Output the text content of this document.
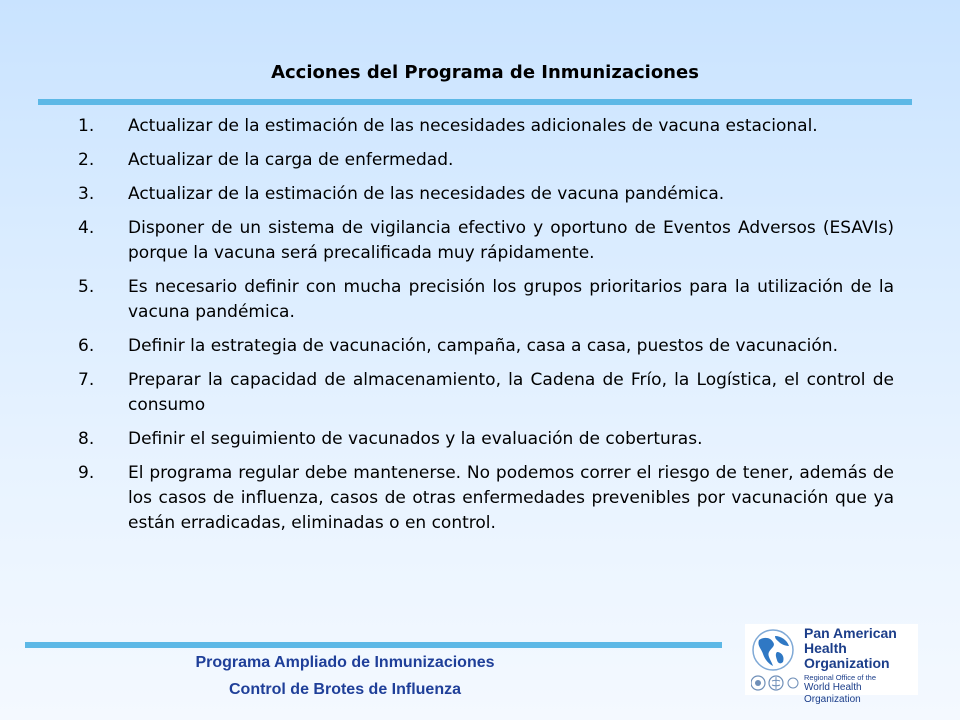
Acciones del Programa de Inmunizaciones
1.	Actualizar de la estimación de las necesidades adicionales de vacuna estacional.
2.	Actualizar de la carga de enfermedad.
3.	Actualizar de la estimación de las necesidades de vacuna pandémica.
4.	Disponer de un sistema de vigilancia efectivo y oportuno de Eventos Adversos (ESAVIs) porque la vacuna será precalificada muy rápidamente.
5.	Es necesario definir con mucha precisión los grupos prioritarios para la utilización de la vacuna pandémica.
6.	Definir la estrategia de vacunación, campaña, casa a casa, puestos de vacunación.
7.	Preparar la capacidad de almacenamiento, la Cadena de Frío, la Logística, el control de consumo
8.	Definir el seguimiento de vacunados y la evaluación de coberturas.
9.	El programa regular debe mantenerse. No podemos correr el riesgo de tener, además de los casos de influenza, casos de otras enfermedades prevenibles por vacunación que ya están erradicadas, eliminadas o en control.
Programa Ampliado de Inmunizaciones
Control de Brotes de Influenza
Pan American
Health
Organization
Regional Office of the
World Health Organization
